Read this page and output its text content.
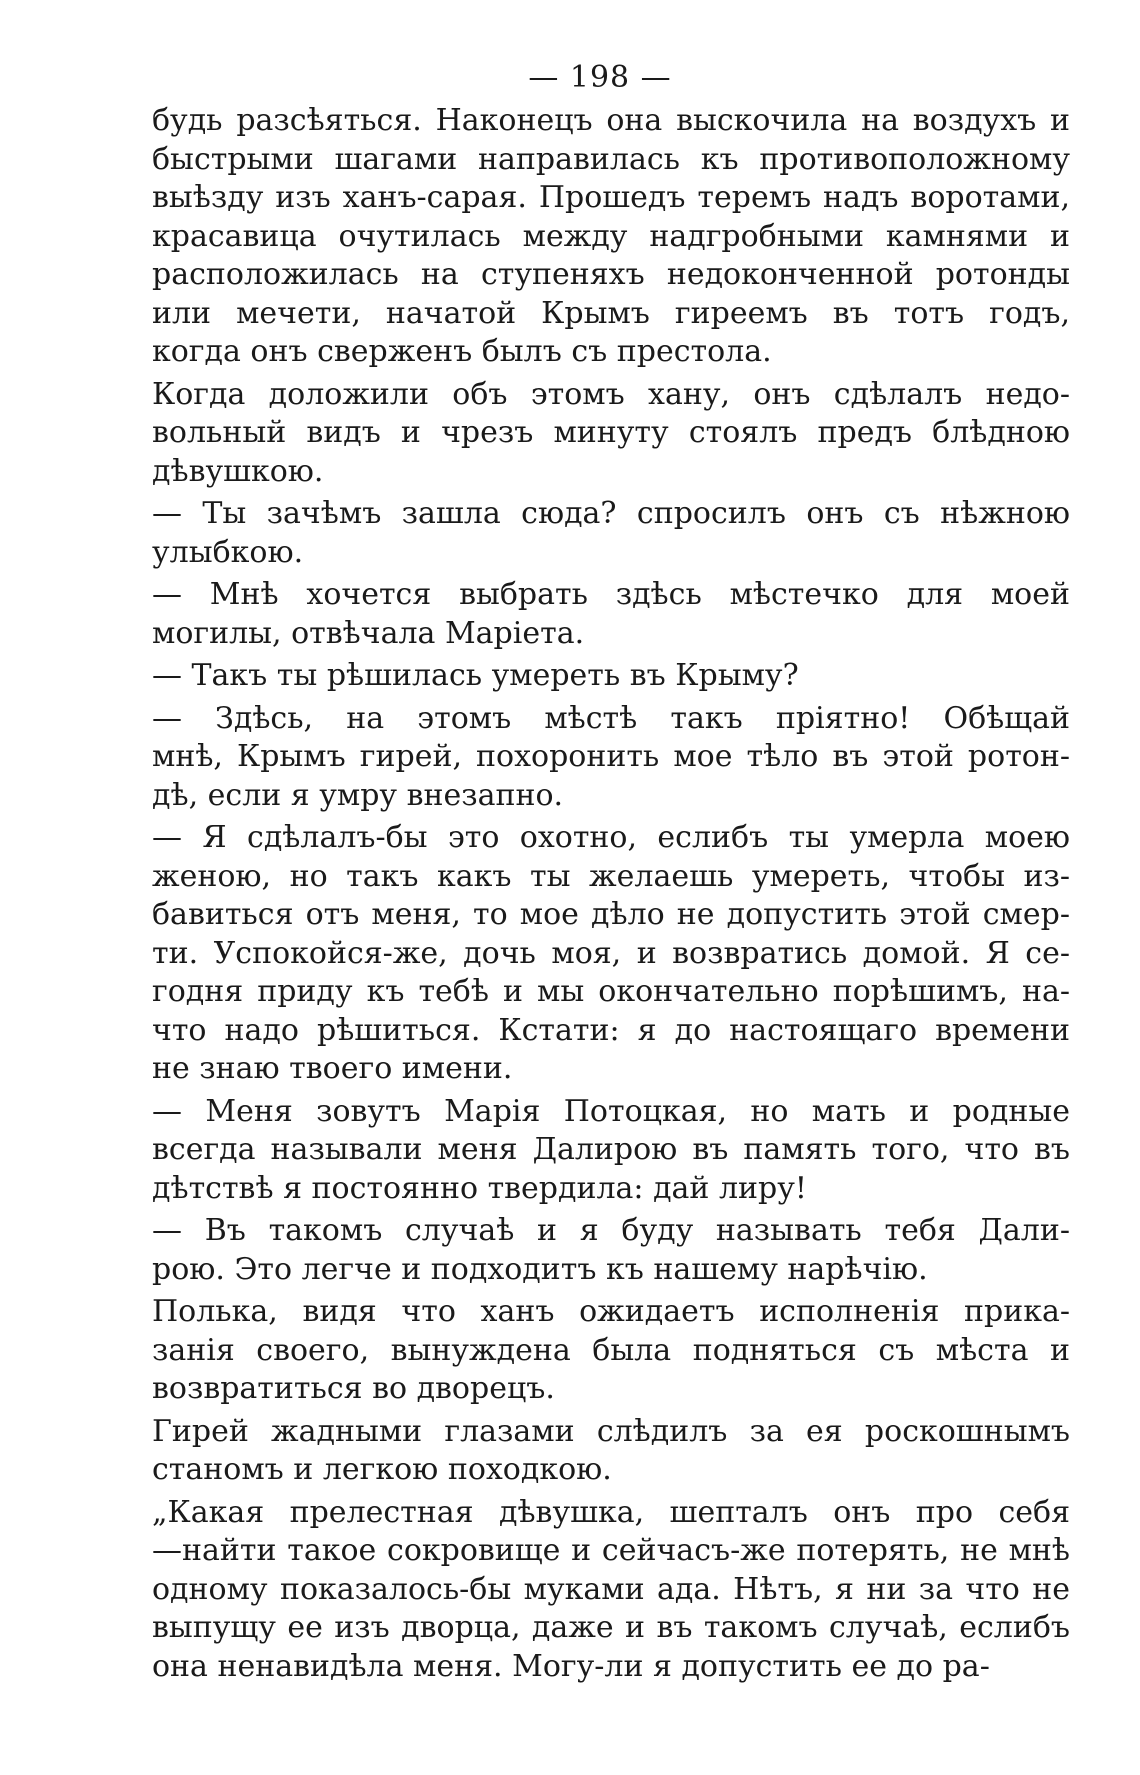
— 198 —
будь разсѣяться. Наконецъ она выскочила на воздухъ и
быстрыми шагами направилась къ противоположному
выѣзду изъ ханъ-сарая. Прошедъ теремъ надъ воротами,
красавица очутилась между надгробными камнями и
расположилась на ступеняхъ недоконченной ротонды
или мечети, начатой Крымъ гиреемъ въ тотъ годъ,
когда онъ сверженъ былъ съ престола.
Когда доложили объ этомъ хану, онъ сдѣлалъ недо-
вольный видъ и чрезъ минуту стоялъ предъ блѣдною
дѣвушкою.
— Ты зачѣмъ зашла сюда? спросилъ онъ съ нѣжною
улыбкою.
— Мнѣ хочется выбрать здѣсь мѣстечко для моей
могилы, отвѣчала Маріета.
— Такъ ты рѣшилась умереть въ Крыму?
— Здѣсь, на этомъ мѣстѣ такъ пріятно! Обѣщай
мнѣ, Крымъ гирей, похоронить мое тѣло въ этой ротон-
дѣ, если я умру внезапно.
— Я сдѣлалъ-бы это охотно, еслибъ ты умерла моею
женою, но такъ какъ ты желаешь умереть, чтобы из-
бавиться отъ меня, то мое дѣло не допустить этой смер-
ти. Успокойся-же, дочь моя, и возвратись домой. Я се-
годня приду къ тебѣ и мы окончательно порѣшимъ, на-
что надо рѣшиться. Кстати: я до настоящаго времени
не знаю твоего имени.
— Меня зовутъ Марія Потоцкая, но мать и родные
всегда называли меня Далирою въ память того, что въ
дѣтствѣ я постоянно твердила: дай лиру!
— Въ такомъ случаѣ и я буду называть тебя Дали-
рою. Это легче и подходитъ къ нашему нарѣчію.
Полька, видя что ханъ ожидаетъ исполненія прика-
занія своего, вынуждена была подняться съ мѣста и
возвратиться во дворецъ.
Гирей жадными глазами слѣдилъ за ея роскошнымъ
станомъ и легкою походкою.
„Какая прелестная дѣвушка, шепталъ онъ про себя
—найти такое сокровище и сейчасъ-же потерять, не мнѣ
одному показалось-бы муками ада. Нѣтъ, я ни за что не
выпущу ее изъ дворца, даже и въ такомъ случаѣ, еслибъ
она ненавидѣла меня. Могу-ли я допустить ее до ра-
